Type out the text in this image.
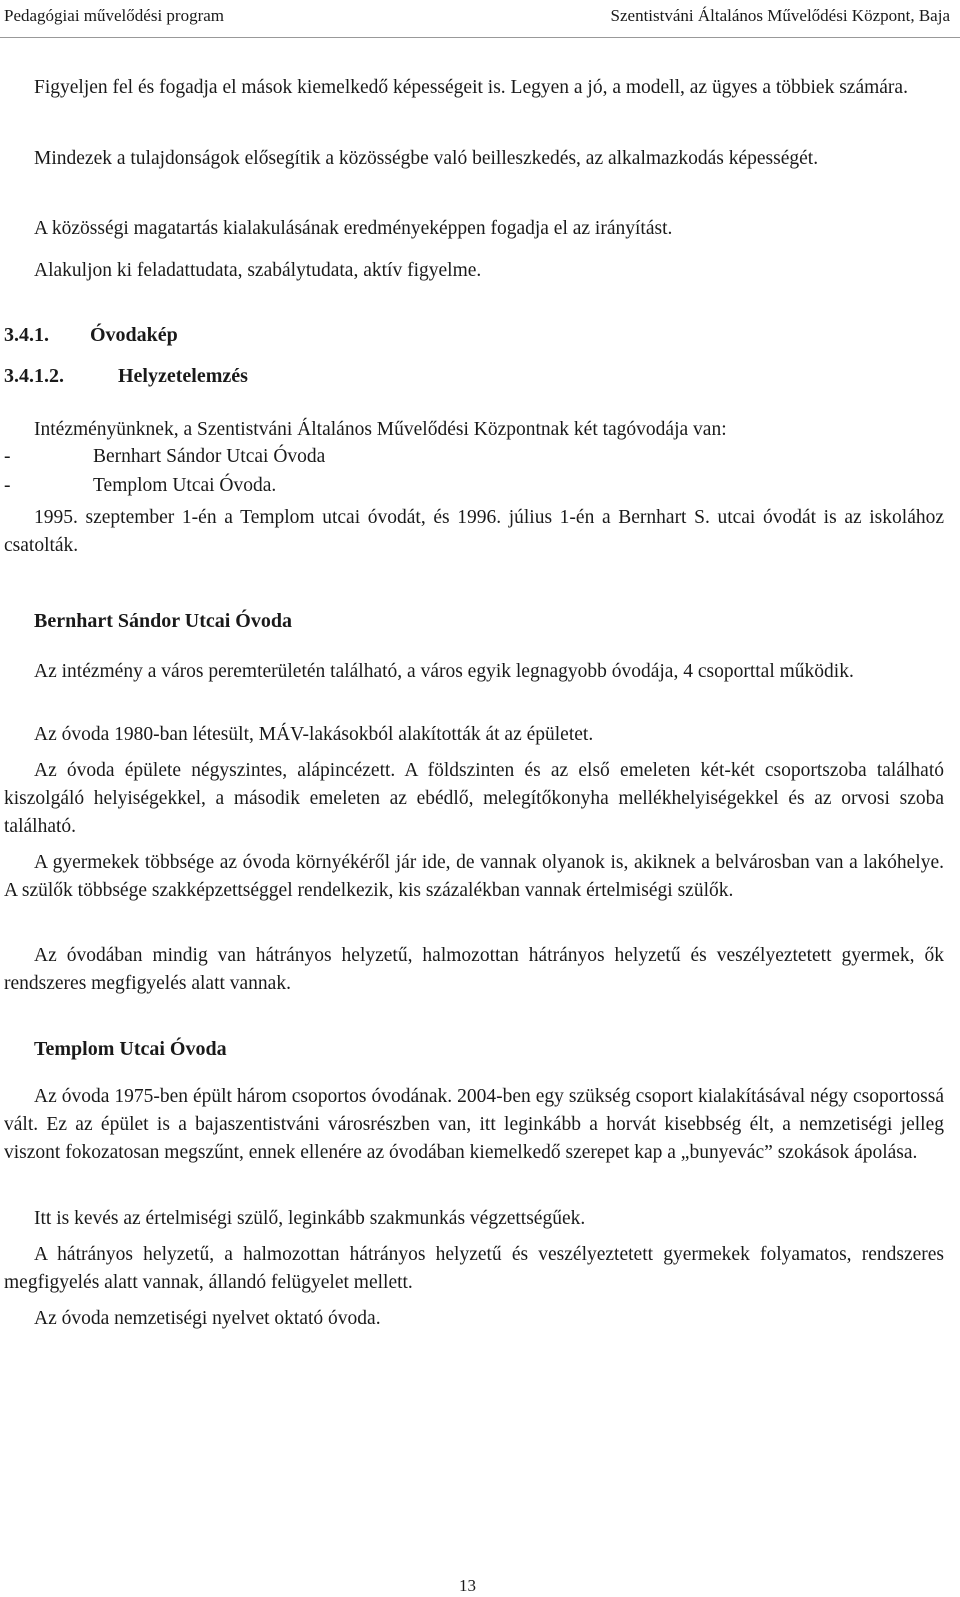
Pedagógiai művelődési program	Szentistváni Általános Művelődési Központ, Baja

Figyeljen fel és fogadja el mások kiemelkedő képességeit is. Legyen a jó, a modell, az ügyes a többiek számára.

Mindezek a tulajdonságok elősegítik a közösségbe való beilleszkedés, az alkalmazkodás képességét.

A közösségi magatartás kialakulásának eredményeképpen fogadja el az irányítást.

Alakuljon ki feladattudata, szabálytudata, aktív figyelme.

3.4.1. Óvodakép
3.4.1.2.	Helyzetelemzés

Intézményünknek, a Szentistváni Általános Művelődési Központnak két tagóvodája van:

-	Bernhart Sándor Utcai Óvoda
-	Templom Utcai Óvoda.

1995. szeptember 1-én a Templom utcai óvodát, és 1996. július 1-én a Bernhart S. utcai óvodát is az iskolához csatolták.

Bernhart Sándor Utcai Óvoda

Az intézmény a város peremterületén található, a város egyik legnagyobb óvodája, 4 csoporttal működik.

Az óvoda 1980-ban létesült, MÁV-lakásokból alakították át az épületet.

Az óvoda épülete négyszintes, alápincézett. A földszinten és az első emeleten két-két csoportszoba található kiszolgáló helyiségekkel, a második emeleten az ebédlő, melegítőkonyha mellékhelyiségekkel és az orvosi szoba található.

A gyermekek többsége az óvoda környékéről jár ide, de vannak olyanok is, akiknek a belvárosban van a lakóhelye. A szülők többsége szakképzettséggel rendelkezik, kis százalékban vannak értelmiségi szülők.

Az óvodában mindig van hátrányos helyzetű, halmozottan hátrányos helyzetű és veszélyeztetett gyermek, ők rendszeres megfigyelés alatt vannak.

Templom Utcai Óvoda

Az óvoda 1975-ben épült három csoportos óvodának. 2004-ben egy szükség csoport kialakításával négy csoportossá vált. Ez az épület is a bajaszentistváni városrészben van, itt leginkább a horvát kisebbség élt, a nemzetiségi jelleg viszont fokozatosan megszűnt, ennek ellenére az óvodában kiemelkedő szerepet kap a „bunyevác” szokások ápolása.

Itt is kevés az értelmiségi szülő, leginkább szakmunkás végzettségűek.

A hátrányos helyzetű, a halmozottan hátrányos helyzetű és veszélyeztetett gyermekek folyamatos, rendszeres megfigyelés alatt vannak, állandó felügyelet mellett.

Az óvoda nemzetiségi nyelvet oktató óvoda.

13
